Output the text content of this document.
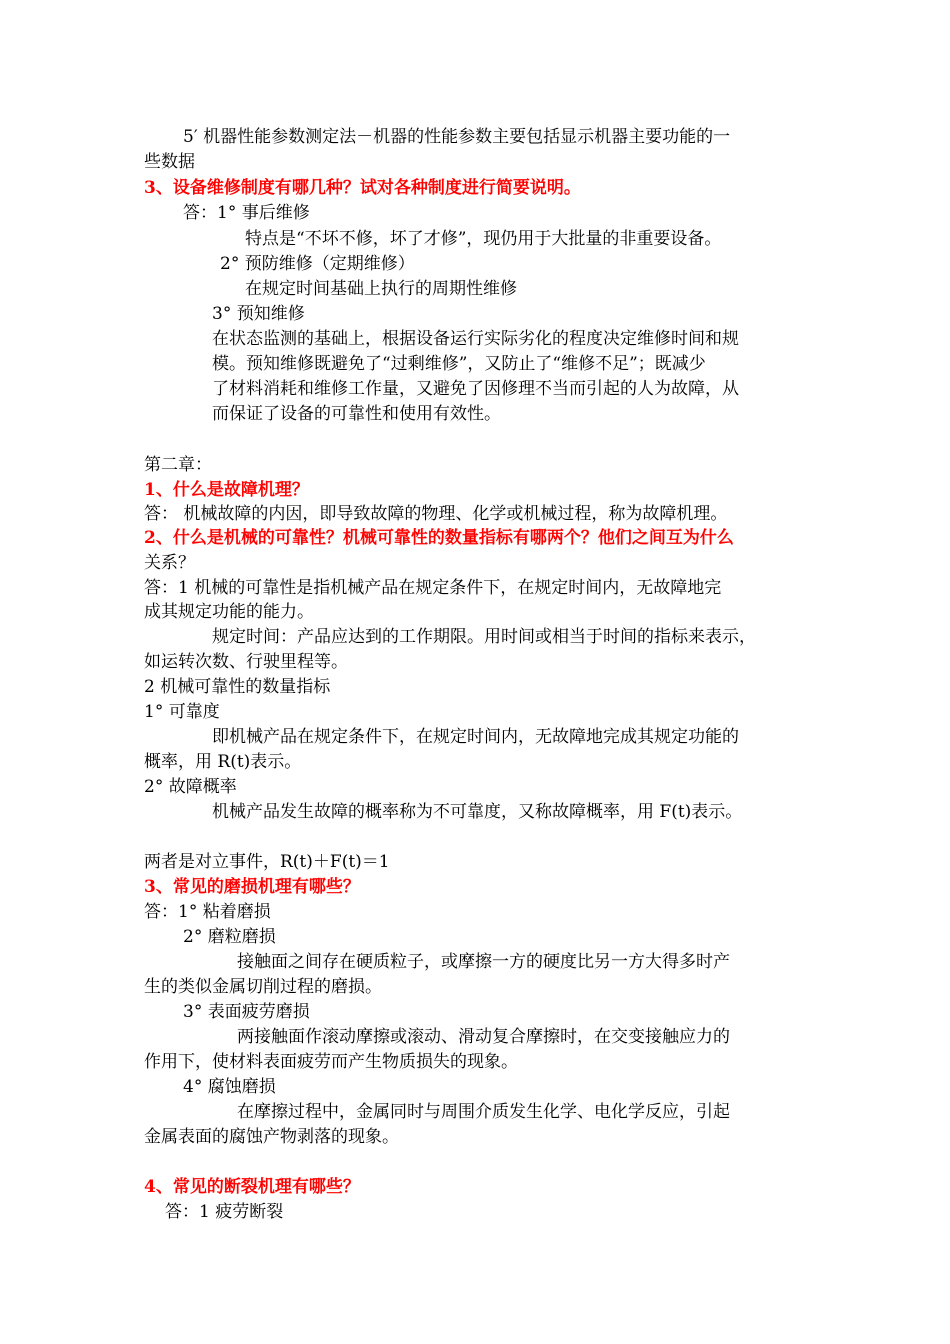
5′ 机器性能参数测定法－机器的性能参数主要包括显示机器主要功能的一
些数据
3、设备维修制度有哪几种？试对各种制度进行简要说明。
答：1° 事后维修
特点是“不坏不修，坏了才修”，现仍用于大批量的非重要设备。
2° 预防维修（定期维修）
在规定时间基础上执行的周期性维修
3° 预知维修
在状态监测的基础上，根据设备运行实际劣化的程度决定维修时间和规
模。预知维修既避免了“过剩维修”，又防止了“维修不足”；既减少
了材料消耗和维修工作量，又避免了因修理不当而引起的人为故障，从
而保证了设备的可靠性和使用有效性。
第二章：
1、什么是故障机理？
答： 机械故障的内因，即导致故障的物理、化学或机械过程，称为故障机理。
2、什么是机械的可靠性？机械可靠性的数量指标有哪两个？他们之间互为什么
关系？
答：1 机械的可靠性是指机械产品在规定条件下，在规定时间内，无故障地完
成其规定功能的能力。
规定时间：产品应达到的工作期限。用时间或相当于时间的指标来表示，
如运转次数、行驶里程等。
2 机械可靠性的数量指标
1° 可靠度
即机械产品在规定条件下，在规定时间内，无故障地完成其规定功能的
概率，用 R(t)表示。
2° 故障概率
机械产品发生故障的概率称为不可靠度，又称故障概率，用 F(t)表示。
两者是对立事件，R(t)＋F(t)＝1
3、常见的磨损机理有哪些？
答：1° 粘着磨损
2° 磨粒磨损
接触面之间存在硬质粒子，或摩擦一方的硬度比另一方大得多时产
生的类似金属切削过程的磨损。
3° 表面疲劳磨损
两接触面作滚动摩擦或滚动、滑动复合摩擦时，在交变接触应力的
作用下，使材料表面疲劳而产生物质损失的现象。
4° 腐蚀磨损
在摩擦过程中，金属同时与周围介质发生化学、电化学反应，引起
金属表面的腐蚀产物剥落的现象。
4、常见的断裂机理有哪些？
答：1 疲劳断裂
